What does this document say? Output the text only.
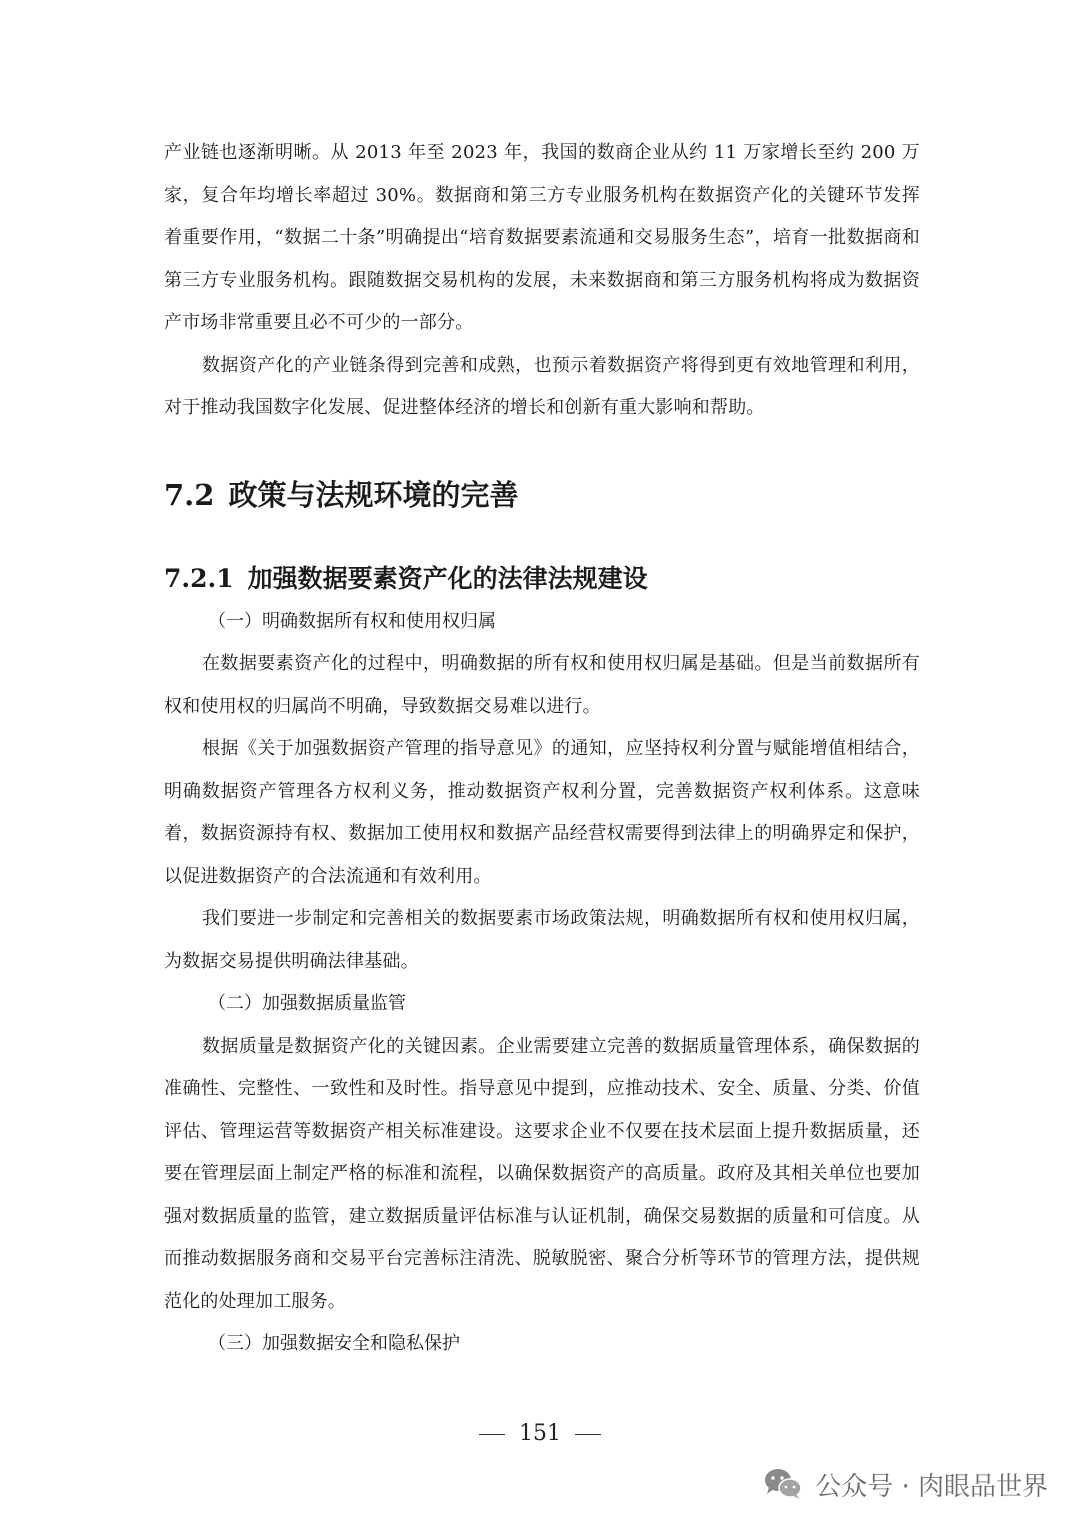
产业链也逐渐明晰。从 2013 年至 2023 年，我国的数商企业从约 11 万家增长至约 200 万家，复合年均增长率超过 30%。数据商和第三方专业服务机构在数据资产化的关键环节发挥着重要作用，“数据二十条”明确提出“培育数据要素流通和交易服务生态”，培育一批数据商和第三方专业服务机构。跟随数据交易机构的发展，未来数据商和第三方服务机构将成为数据资产市场非常重要且必不可少的一部分。

数据资产化的产业链条得到完善和成熟，也预示着数据资产将得到更有效地管理和利用，对于推动我国数字化发展、促进整体经济的增长和创新有重大影响和帮助。

7.2 政策与法规环境的完善
7.2.1 加强数据要素资产化的法律法规建设

（一）明确数据所有权和使用权归属

在数据要素资产化的过程中，明确数据的所有权和使用权归属是基础。但是当前数据所有权和使用权的归属尚不明确，导致数据交易难以进行。

根据《关于加强数据资产管理的指导意见》的通知，应坚持权利分置与赋能增值相结合，明确数据资产管理各方权利义务，推动数据资产权利分置，完善数据资产权利体系。这意味着，数据资源持有权、数据加工使用权和数据产品经营权需要得到法律上的明确界定和保护，以促进数据资产的合法流通和有效利用。

我们要进一步制定和完善相关的数据要素市场政策法规，明确数据所有权和使用权归属，为数据交易提供明确法律基础。

（二）加强数据质量监管

数据质量是数据资产化的关键因素。企业需要建立完善的数据质量管理体系，确保数据的准确性、完整性、一致性和及时性。指导意见中提到，应推动技术、安全、质量、分类、价值评估、管理运营等数据资产相关标准建设。这要求企业不仅要在技术层面上提升数据质量，还要在管理层面上制定严格的标准和流程，以确保数据资产的高质量。政府及其相关单位也要加强对数据质量的监管，建立数据质量评估标准与认证机制，确保交易数据的质量和可信度。从而推动数据服务商和交易平台完善标注清洗、脱敏脱密、聚合分析等环节的管理方法，提供规范化的处理加工服务。

（三）加强数据安全和隐私保护

151
公众号 · 肉眼品世界
